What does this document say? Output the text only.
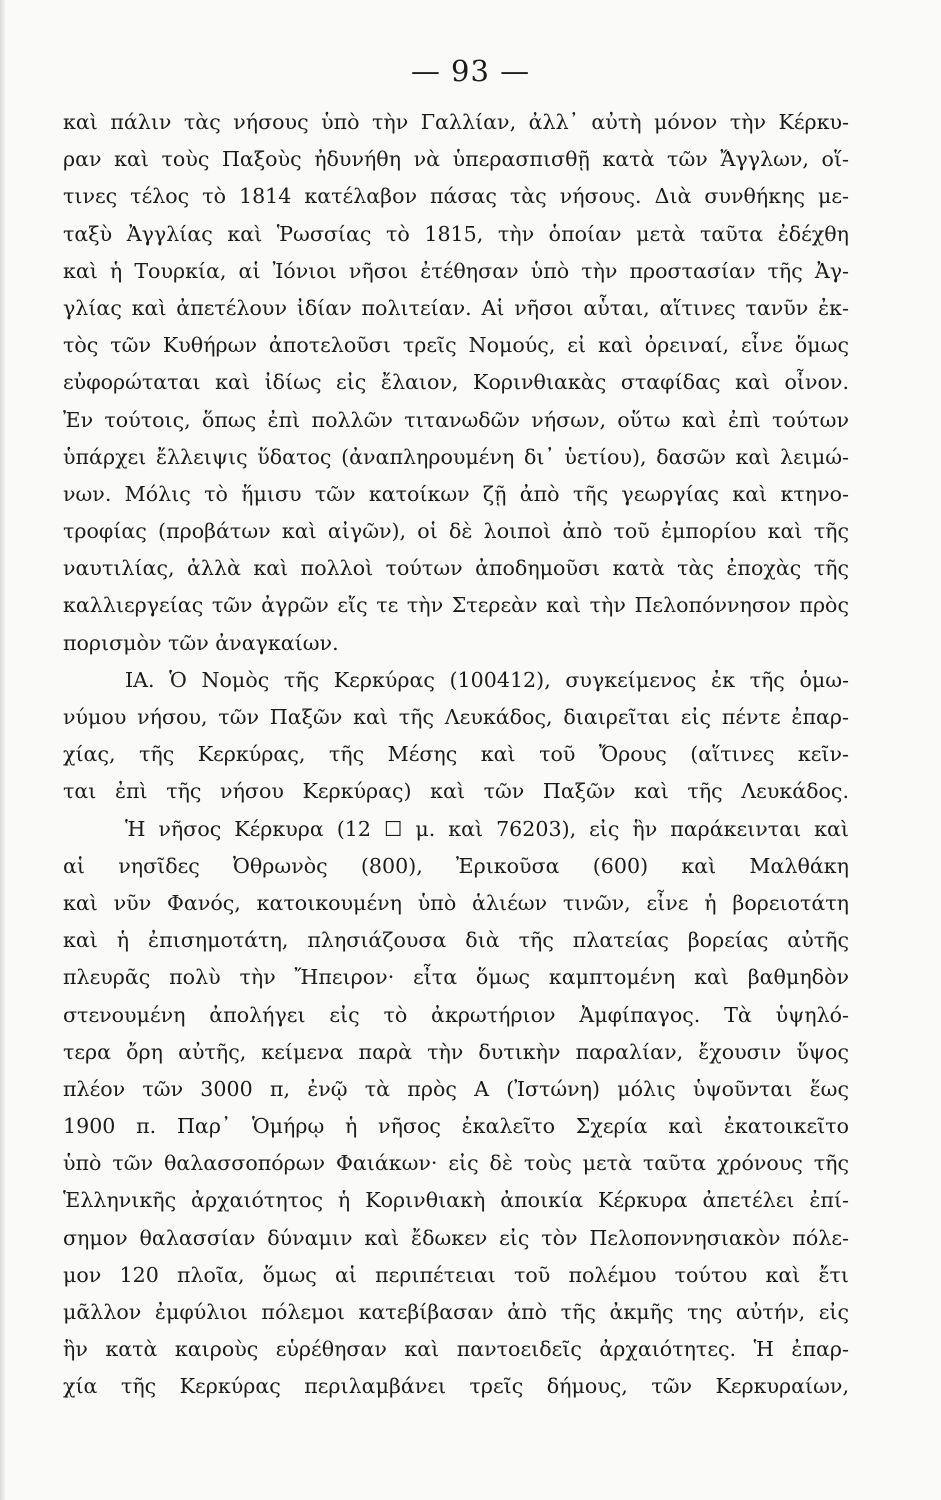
— 93 —
καὶ πάλιν τὰς νήσους ὑπὸ τὴν Γαλλίαν, ἀλλ᾽ αὐτὴ μόνον τὴν Κέρκυ-
ραν καὶ τοὺς Παξοὺς ἠδυνήθη νὰ ὑπερασπισθῇ κατὰ τῶν Ἄγγλων, οἵ-
τινες τέλος τὸ 1814 κατέλαβον πάσας τὰς νήσους. Διὰ συνθήκης με-
ταξὺ Ἀγγλίας καὶ Ῥωσσίας τὸ 1815, τὴν ὁποίαν μετὰ ταῦτα ἐδέχθη
καὶ ἡ Τουρκία, αἱ Ἰόνιοι νῆσοι ἐτέθησαν ὑπὸ τὴν προστασίαν τῆς Ἀγ-
γλίας καὶ ἀπετέλουν ἰδίαν πολιτείαν. Αἱ νῆσοι αὗται, αἵτινες τανῦν ἐκ-
τὸς τῶν Κυθήρων ἀποτελοῦσι τρεῖς Νομούς, εἰ καὶ ὀρειναί, εἶνε ὅμως
εὐφορώταται καὶ ἰδίως εἰς ἔλαιον, Κορινθιακὰς σταφίδας καὶ οἶνον.
Ἐν τούτοις, ὅπως ἐπὶ πολλῶν τιτανωδῶν νήσων, οὕτω καὶ ἐπὶ τούτων
ὑπάρχει ἔλλειψις ὕδατος (ἀναπληρουμένη δι᾽ ὑετίου), δασῶν καὶ λειμώ-
νων. Μόλις τὸ ἥμισυ τῶν κατοίκων ζῇ ἀπὸ τῆς γεωργίας καὶ κτηνο-
τροφίας (προβάτων καὶ αἰγῶν), οἱ δὲ λοιποὶ ἀπὸ τοῦ ἐμπορίου καὶ τῆς
ναυτιλίας, ἀλλὰ καὶ πολλοὶ τούτων ἀποδημοῦσι κατὰ τὰς ἐποχὰς τῆς
καλλιεργείας τῶν ἀγρῶν εἴς τε τὴν Στερεὰν καὶ τὴν Πελοπόννησον πρὸς
πορισμὸν τῶν ἀναγκαίων.
ΙΑ. Ὁ Νομὸς τῆς Κερκύρας (100412), συγκείμενος ἐκ τῆς ὁμω-
νύμου νήσου, τῶν Παξῶν καὶ τῆς Λευκάδος, διαιρεῖται εἰς πέντε ἐπαρ-
χίας, τῆς Κερκύρας, τῆς Μέσης καὶ τοῦ Ὄρους (αἵτινες κεῖν-
ται ἐπὶ τῆς νήσου Κερκύρας) καὶ τῶν Παξῶν καὶ τῆς Λευκάδος.
Ἡ νῆσος Κέρκυρα (12 ☐ μ. καὶ 76203), εἰς ἣν παράκεινται καὶ
αἱ νησῖδες Ὀθρωνὸς (800), Ἐρικοῦσα (600) καὶ Μαλθάκη
καὶ νῦν Φανός, κατοικουμένη ὑπὸ ἁλιέων τινῶν, εἶνε ἡ βορειοτάτη
καὶ ἡ ἐπισημοτάτη, πλησιάζουσα διὰ τῆς πλατείας βορείας αὐτῆς
πλευρᾶς πολὺ τὴν Ἤπειρον· εἶτα ὅμως καμπτομένη καὶ βαθμηδὸν
στενουμένη ἀπολήγει εἰς τὸ ἀκρωτήριον Ἀμφίπαγος. Τὰ ὑψηλό-
τερα ὄρη αὐτῆς, κείμενα παρὰ τὴν δυτικὴν παραλίαν, ἔχουσιν ὕψος
πλέον τῶν 3000 π, ἐνῷ τὰ πρὸς Α (Ἰστώνη) μόλις ὑψοῦνται ἕως
1900 π. Παρ᾽ Ὁμήρῳ ἡ νῆσος ἐκαλεῖτο Σχερία καὶ ἐκατοικεῖτο
ὑπὸ τῶν θαλασσοπόρων Φαιάκων· εἰς δὲ τοὺς μετὰ ταῦτα χρόνους τῆς
Ἑλληνικῆς ἀρχαιότητος ἡ Κορινθιακὴ ἀποικία Κέρκυρα ἀπετέλει ἐπί-
σημον θαλασσίαν δύναμιν καὶ ἔδωκεν εἰς τὸν Πελοποννησιακὸν πόλε-
μον 120 πλοῖα, ὅμως αἱ περιπέτειαι τοῦ πολέμου τούτου καὶ ἔτι
μᾶλλον ἐμφύλιοι πόλεμοι κατεβίβασαν ἀπὸ τῆς ἀκμῆς της αὐτήν, εἰς
ἣν κατὰ καιροὺς εὑρέθησαν καὶ παντοειδεῖς ἀρχαιότητες. Ἡ ἐπαρ-
χία τῆς Κερκύρας περιλαμβάνει τρεῖς δήμους, τῶν Κερκυραίων,
